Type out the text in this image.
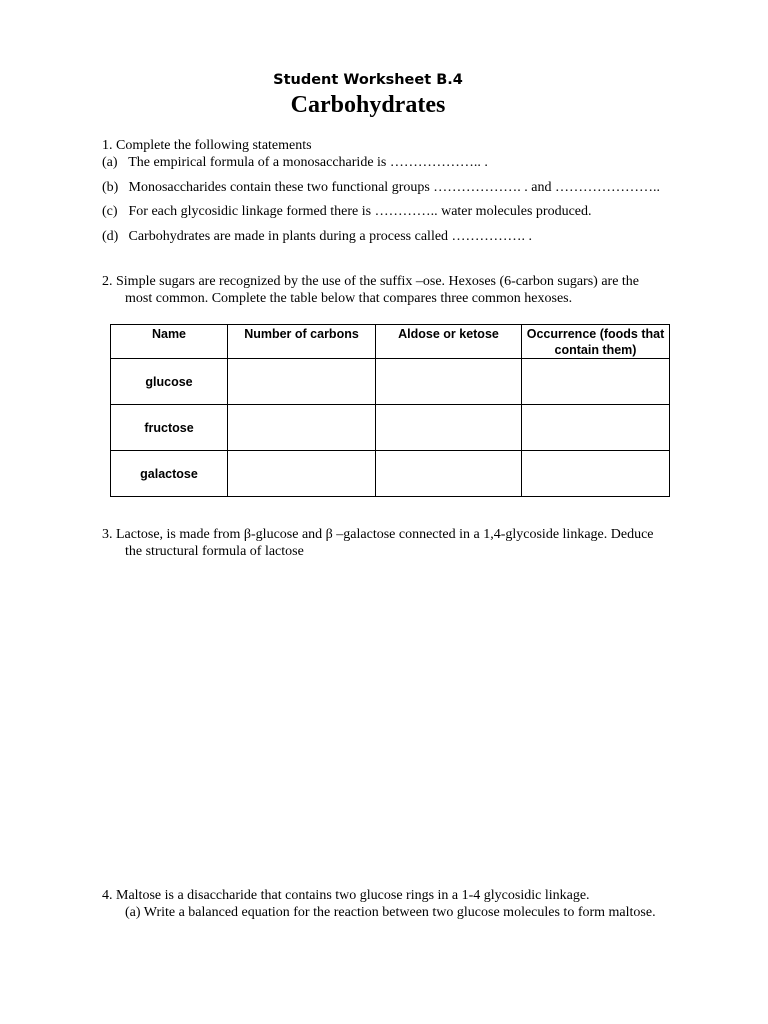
Student Worksheet B.4
Carbohydrates
1. Complete the following statements
(a) The empirical formula of a monosaccharide is ……………….. .
(b) Monosaccharides contain these two functional groups ………………. . and …………………..
(c) For each glycosidic linkage formed there is ………….. water molecules produced.
(d) Carbohydrates are made in plants during a process called ……………. .
2. Simple sugars are recognized by the use of the suffix –ose. Hexoses (6-carbon sugars) are the
most common. Complete the table below that compares three common hexoses.
Name	Number of carbons	Aldose or ketose	Occurrence (foods that contain them)
glucose			
fructose			
galactose			
3. Lactose, is made from β-glucose and β –galactose connected in a 1,4-glycoside linkage. Deduce
the structural formula of lactose
4. Maltose is a disaccharide that contains two glucose rings in a 1-4 glycosidic linkage.
(a) Write a balanced equation for the reaction between two glucose molecules to form maltose.
